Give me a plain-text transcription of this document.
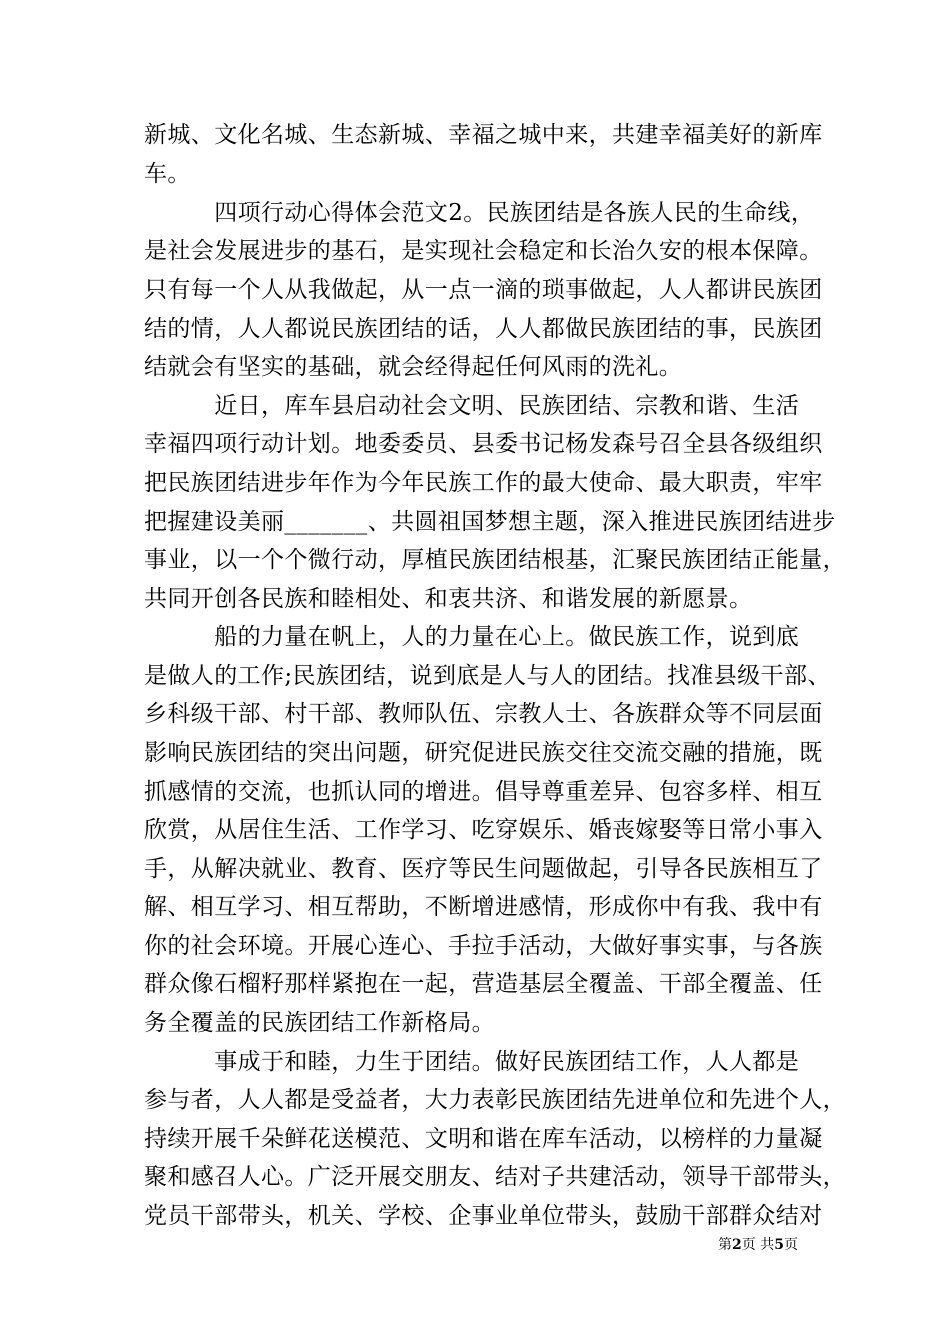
新城、文化名城、生态新城、幸福之城中来，共建幸福美好的新库
车。
　　　四项行动心得体会范文2。民族团结是各族人民的生命线，
是社会发展进步的基石，是实现社会稳定和长治久安的根本保障。
只有每一个人从我做起，从一点一滴的琐事做起，人人都讲民族团
结的情，人人都说民族团结的话，人人都做民族团结的事，民族团
结就会有坚实的基础，就会经得起任何风雨的洗礼。
　　　近日，库车县启动社会文明、民族团结、宗教和谐、生活
幸福四项行动计划。地委委员、县委书记杨发森号召全县各级组织
把民族团结进步年作为今年民族工作的最大使命、最大职责，牢牢
把握建设美丽_______、共圆祖国梦想主题，深入推进民族团结进步
事业，以一个个微行动，厚植民族团结根基，汇聚民族团结正能量，
共同开创各民族和睦相处、和衷共济、和谐发展的新愿景。
　　　船的力量在帆上，人的力量在心上。做民族工作，说到底
是做人的工作;民族团结，说到底是人与人的团结。找准县级干部、
乡科级干部、村干部、教师队伍、宗教人士、各族群众等不同层面
影响民族团结的突出问题，研究促进民族交往交流交融的措施，既
抓感情的交流，也抓认同的增进。倡导尊重差异、包容多样、相互
欣赏，从居住生活、工作学习、吃穿娱乐、婚丧嫁娶等日常小事入
手，从解决就业、教育、医疗等民生问题做起，引导各民族相互了
解、相互学习、相互帮助，不断增进感情，形成你中有我、我中有
你的社会环境。开展心连心、手拉手活动，大做好事实事，与各族
群众像石榴籽那样紧抱在一起，营造基层全覆盖、干部全覆盖、任
务全覆盖的民族团结工作新格局。
　　　事成于和睦，力生于团结。做好民族团结工作，人人都是
参与者，人人都是受益者，大力表彰民族团结先进单位和先进个人，
持续开展千朵鲜花送模范、文明和谐在库车活动，以榜样的力量凝
聚和感召人心。广泛开展交朋友、结对子共建活动，领导干部带头，
党员干部带头，机关、学校、企事业单位带头，鼓励干部群众结对
第2页 共5页
